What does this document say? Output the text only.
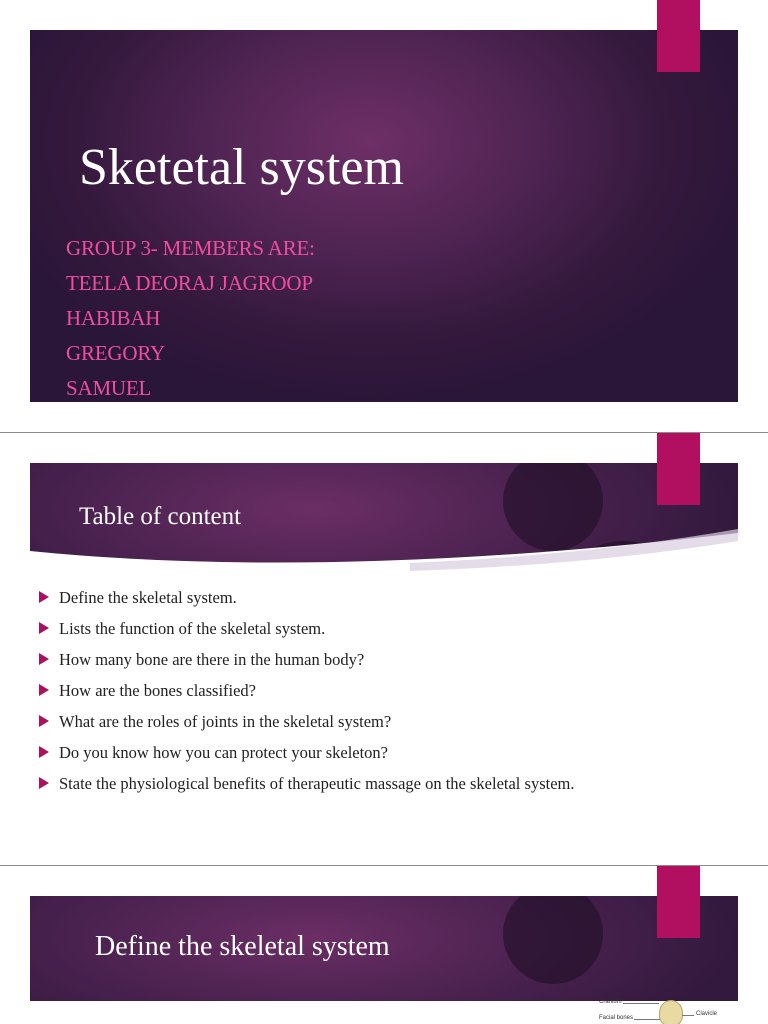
Sketetal system
GROUP 3- MEMBERS ARE:
TEELA DEORAJ JAGROOP
HABIBAH
GREGORY
SAMUEL
Table of content
Define the skeletal system.
Lists the function of the skeletal system.
How many bone are there in the human body?
How are the bones classified?
What are the roles of joints in the skeletal system?
Do you know how you can protect your skeleton?
State the physiological benefits of therapeutic massage on the skeletal system.
Define the skeletal system
Cranium
Facial bones
Clavicle
